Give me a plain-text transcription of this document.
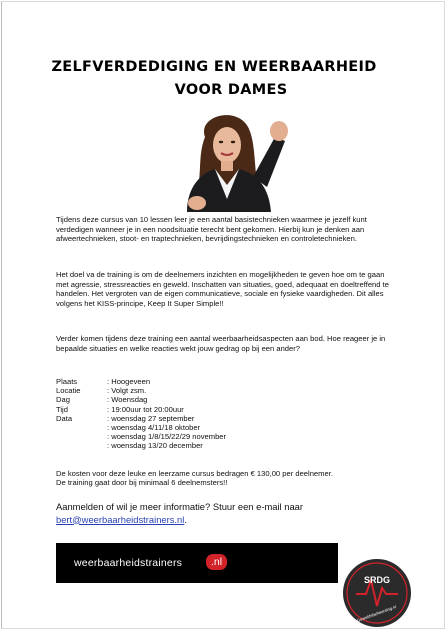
ZELFVERDEDIGING EN WEERBAARHEID
VOOR DAMES
Tijdens deze cursus van 10 lessen leer je een aantal basistechnieken waarmee je jezelf kunt verdedigen wanneer je in een noodsituatie terecht bent gekomen. Hierbij kun je denken aan afweertechnieken, stoot- en traptechnieken, bevrijdingstechnieken en controletechnieken.
Het doel va de training is om de deelnemers inzichten en mogelijkheden te geven hoe om te gaan met agressie, stressreacties en geweld. Inschatten van situaties, goed, adequaat en doeltreffend te handelen. Het vergroten van de eigen communicatieve, sociale en fysieke vaardigheden. Dit alles volgens het KISS-principe, Keep It Super Simple!!
Verder komen tijdens deze training een aantal weerbaarheidsaspecten aan bod. Hoe reageer je in bepaalde situaties en welke reacties wekt jouw gedrag op bij een ander?
Plaats	: Hoogeveen
Locatie	: Volgt zsm.
Dag	: Woensdag
Tijd	: 19:00uur tot 20:00uur
Data	: woensdag 27 september
: woensdag 4/11/18 oktober
: woensdag 1/8/15/22/29 november
: woensdag 13/20 december
De kosten voor deze leuke en leerzame cursus bedragen € 130,00 per deelnemer.
De training gaat door bij minimaal 6 deelnemsters!!
Aanmelden of wil je meer informatie? Stuur een e-mail naar
bert@weerbaarheidstrainers.nl.
weerbaarheidstrainers	.nl
SRDG
Geweldsbeheersing.nl
